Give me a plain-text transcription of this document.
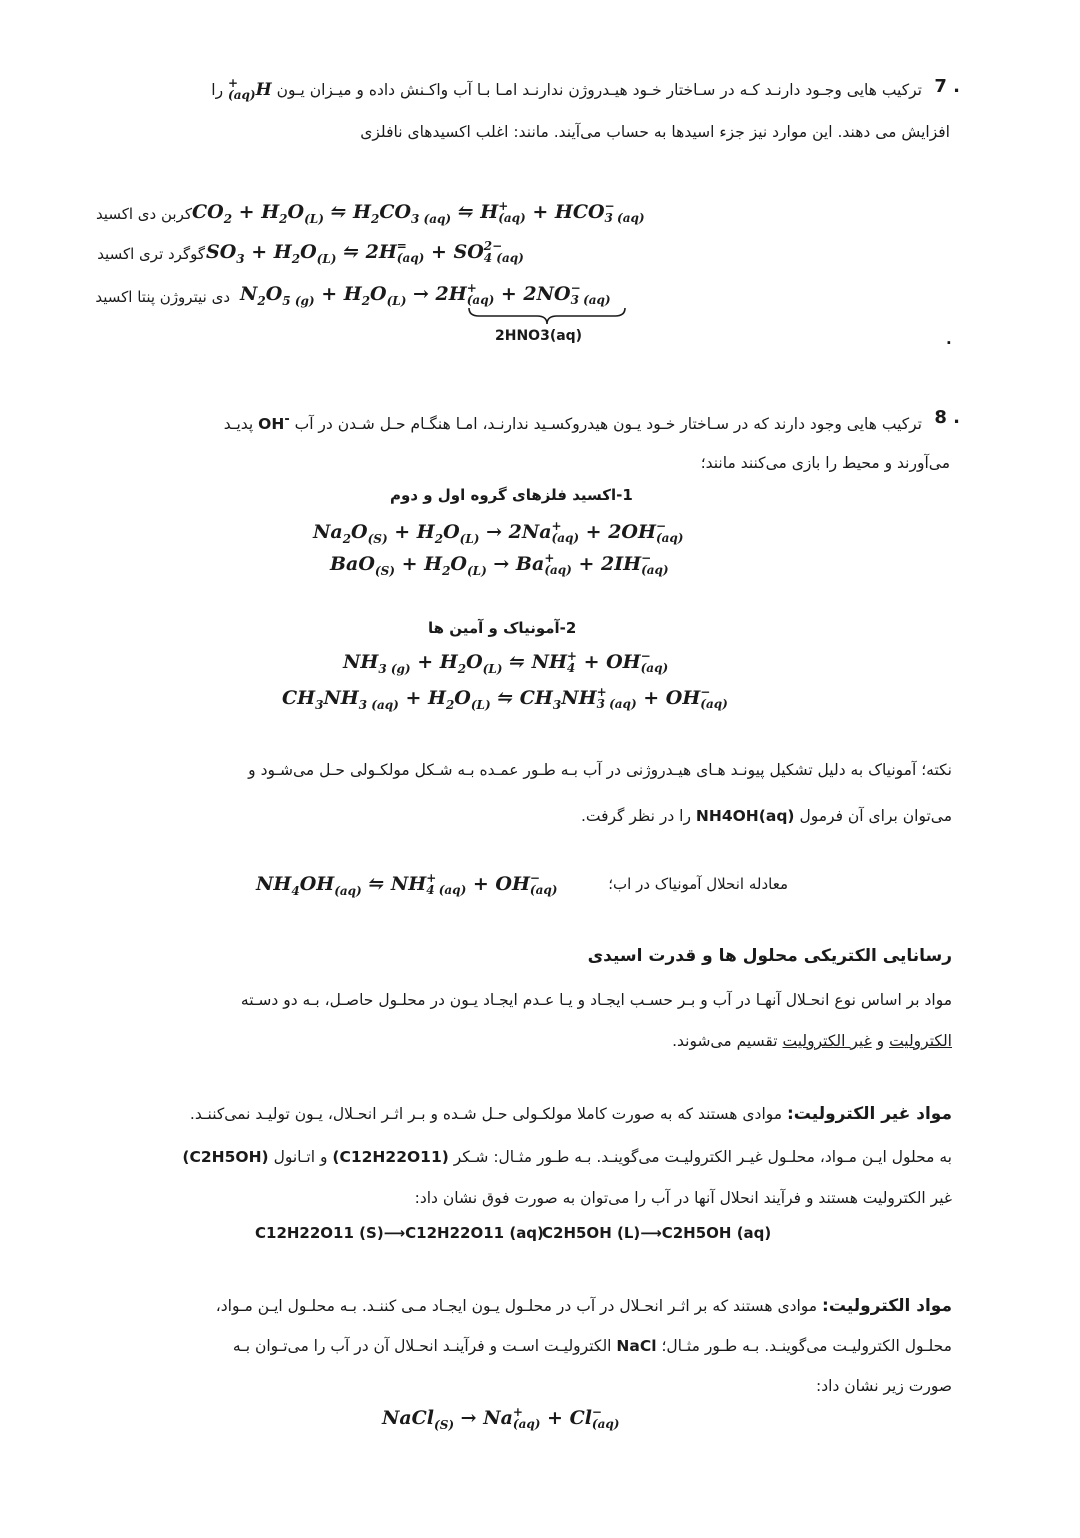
7 .
ترکیب هایی وجـود دارنـد کـه در سـاختار خـود هیـدروژن ندارنـد امـا بـا آب واکـنش داده و میـزان یـون H
+
(aq)
را
افزایش می دهند. این موارد نیز جزء اسیدها به حساب می‌آیند. مانند: اغلب اکسیدهای نافلزی
$CO_2 + H_2O_{(L)}$ ⇋ $H_2CO_{3 (aq)}$ ⇋ H +
(aq) + HCO −
3 (aq)
کربن دی اکسید
$SO_3 + H_2O_{(L)}$ ⇋ 2H =
(aq) + SO 2−
4 (aq)
گوگرد تری اکسید
$N_2O_{5 (g)} + H_2O_{(L)} \to 2H$ +
(aq) + 2NO −
3 (aq)
دی نیتروژن پنتا اکسید
2HNO3(aq)	.
8 .
ترکیب هایی وجود دارند که در سـاختار خـود یـون هیدروکسـید ندارنـد، امـا هنگـام حـل شـدن در آب OH- پدیـد
می‌آورند و محیط را بازی می‌کنند مانند؛
1-اکسید فلزهای گروه اول و دوم
$Na_2O_{(S)} + H_2O_{(L)} \to 2Na$ +
(aq) + 2OH −
(aq)
$BaO_{(S)} + H_2O_{(L)} \to Ba$ +
(aq) + 2IH −
(aq)
2-آمونیاک و آمین ها
$NH_{3 (g)} + H_2O_{(L)}$ ⇋ NH +
4 + OH −
(aq)
$CH_3NH_{3 (aq)} + H_2O_{(L)}$ ⇋ $CH_3NH$ +
3 (aq) + OH −
(aq)
نکته؛ آمونیاک به دلیل تشکیل پیونـد هـای هیـدروژنی در آب بـه طـور عمـده بـه شـکل مولکـولی حـل می‌شـود و
می‌توان برای آن فرمول NH4OH(aq) را در نظر گرفت.
$NH_4OH_{(aq)}$ ⇋ NH +
4 (aq) + OH −
(aq)	معادله انحلال آمونیاک در اب؛
رسانایی الکتریکی محلول ها و قدرت اسیدی
مواد بر اساس نوع انحـلال آنهـا در آب و بـر حسـب ایجـاد و یـا عـدم ایجـاد یـون در محلـول حاصـل، بـه دو دسـته
الکترولیت و غیر الکترولیت تقسیم می‌شوند.
مواد غیر الکترولیت: موادی هستند که به صورت کاملا مولکـولی حـل شـده و بـر اثـر انحـلال، یـون تولیـد نمی‌کننـد.
به محلول ایـن مـواد، محلـول غیـر الکترولیـت می‌گوینـد. بـه طـور مثـال: شـکر (C12H22O11) و اتـانول (C2H5OH)
غیر الکترولیت هستند و فرآیند انحلال آنها در آب را می‌توان به صورت فوق نشان داد:
C12H22O11 (S)⟶C12H22O11 (aq)
C2H5OH (L)⟶C2H5OH (aq)
مواد الکترولیت: موادی هستند که بر اثـر انحـلال در آب در محلـول یـون ایجـاد مـی کننـد. بـه محلـول ایـن مـواد،
محلـول الکترولیـت می‌گوینـد. بـه طـور مثـال؛ NaCl الکترولیـت اسـت و فرآینـد انحـلال آن در آب را می‌تـوان بـه
صورت زیر نشان داد:
NaCl$_{(S)}$ → Na +
(aq) + Cl −
(aq)
